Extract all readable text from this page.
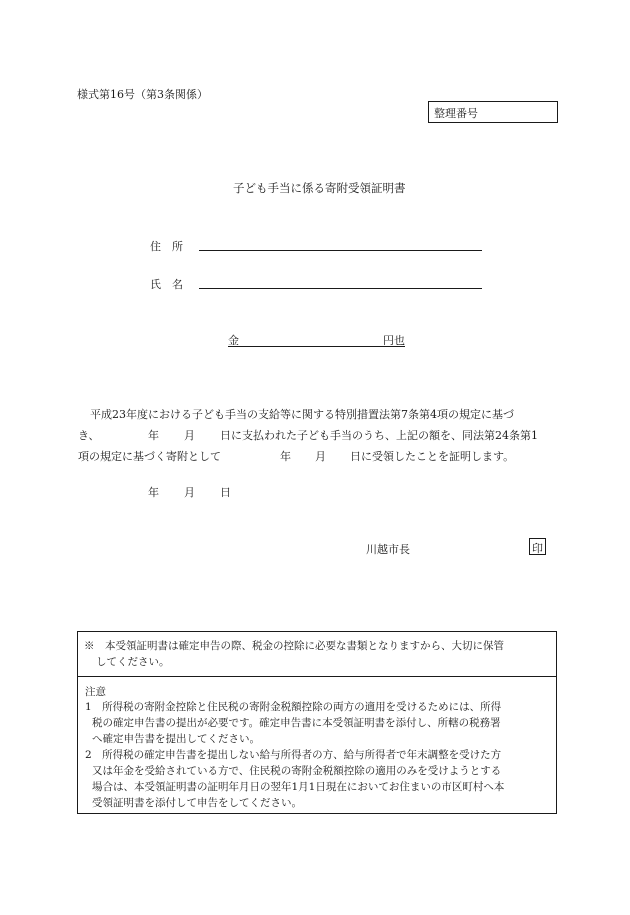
様式第16号（第3条関係）
整理番号
子ども手当に係る寄附受領証明書
住　所
氏　名
金	円也
平成23年度における子ども手当の支給等に関する特別措置法第7条第4項の規定に基づ
き、	年 月 日に支払われた子ども手当のうち、上記の額を、同法第24条第1
項の規定に基づく寄附として	年 月 日に受領したことを証明します。
年 月 日
川越市長	印
※　本受領証明書は確定申告の際、税金の控除に必要な書類となりますから、大切に保管
してください。
注意
1　所得税の寄附金控除と住民税の寄附金税額控除の両方の適用を受けるためには、所得
税の確定申告書の提出が必要です。確定申告書に本受領証明書を添付し、所轄の税務署
へ確定申告書を提出してください。
2　所得税の確定申告書を提出しない給与所得者の方、給与所得者で年末調整を受けた方
又は年金を受給されている方で、住民税の寄附金税額控除の適用のみを受けようとする
場合は、本受領証明書の証明年月日の翌年1月1日現在においてお住まいの市区町村へ本
受領証明書を添付して申告をしてください。
